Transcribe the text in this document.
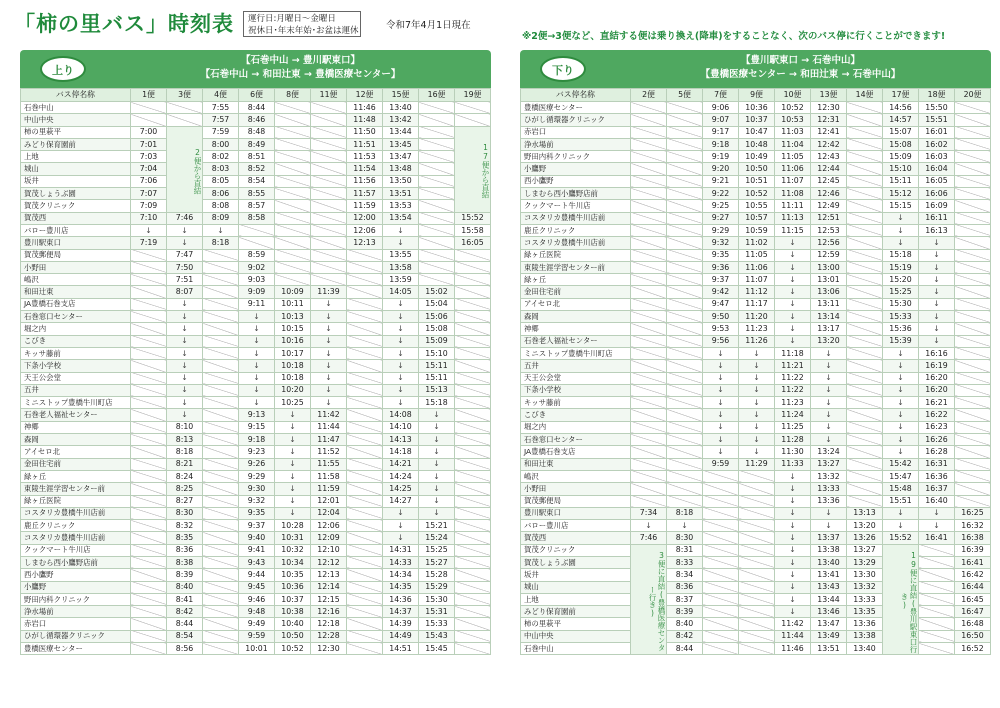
「柿の里バス」時刻表 運行日:月曜日～金曜日
祝休日･年末年始･お盆は運休	令和7年4月1日現在
※2便→3便など、直結する便は乗り換え(降車)をすることなく、次のバス停に行くことができます!
上り
【石巻中山 → 豊川駅東口】
【石巻中山 → 和田辻東 → 豊橋医療センター】
バス停名称	1便	3便	4便	6便	8便	11便	12便	15便	16便	19便
石巻中山			7:55	8:44			11:46	13:40		
中山中央			7:57	8:46			11:48	13:42		
柿の里萩平	7:00	2便から直結	7:59	8:48			11:50	13:44		17便から直結
みどり保育園前	7:01		8:00	8:49			11:51	13:45		
上地	7:03		8:02	8:51			11:53	13:47		
城山	7:04		8:03	8:52			11:54	13:48		
坂井	7:06		8:05	8:54			11:56	13:50		
賀茂しょうぶ園	7:07		8:06	8:55			11:57	13:51		
賀茂クリニック	7:09		8:08	8:57			11:59	13:53		
賀茂西	7:10	7:46	8:09	8:58			12:00	13:54		15:52
バロー豊川店	↓	↓	↓				12:06	↓		15:58
豊川駅東口	7:19	↓	8:18				12:13	↓		16:05
賀茂郵便局		7:47		8:59				13:55		
小野田		7:50		9:02				13:58		
嶋沢		7:51		9:03				13:59		
和田辻東		8:07		9:09	10:09	11:39		14:05	15:02	
JA豊橋石巻支店		↓		9:11	10:11	↓		↓	15:04	
石巻窓口センター		↓		↓	10:13	↓		↓	15:06	
堀之内		↓		↓	10:15	↓		↓	15:08	
こびき		↓		↓	10:16	↓		↓	15:09	
キッサ藤前		↓		↓	10:17	↓		↓	15:10	
下条小学校		↓		↓	10:18	↓		↓	15:11	
天王公会堂		↓		↓	10:18	↓		↓	15:11	
五井		↓		↓	10:20	↓		↓	15:13	
ミニストップ豊橋牛川町店		↓		↓	10:25	↓		↓	15:18	
石巻老人福祉センター		↓		9:13	↓	11:42		14:08	↓	
神郷		8:10		9:15	↓	11:44		14:10	↓	
森岡		8:13		9:18	↓	11:47		14:13	↓	
アイセロ北		8:18		9:23	↓	11:52		14:18	↓	
金田住宅前		8:21		9:26	↓	11:55		14:21	↓	
緑ヶ丘		8:24		9:29	↓	11:58		14:24	↓	
東陵生涯学習センター前		8:25		9:30	↓	11:59		14:25	↓	
緑ヶ丘医院		8:27		9:32	↓	12:01		14:27	↓	
コスタリカ豊橋牛川店前		8:30		9:35	↓	12:04		↓	↓	
鹿丘クリニック		8:32		9:37	10:28	12:06		↓	15:21	
コスタリカ豊橋牛川店前		8:35		9:40	10:31	12:09		↓	15:24	
クックマート牛川店		8:36		9:41	10:32	12:10		14:31	15:25	
しまむら西小鷹野店前		8:38		9:43	10:34	12:12		14:33	15:27	
西小鷹野		8:39		9:44	10:35	12:13		14:34	15:28	
小鷹野		8:40		9:45	10:36	12:14		14:35	15:29	
野田内科クリニック		8:41		9:46	10:37	12:15		14:36	15:30	
浄水場前		8:42		9:48	10:38	12:16		14:37	15:31	
赤岩口		8:44		9:49	10:40	12:18		14:39	15:33	
ひがし循環器クリニック		8:54		9:59	10:50	12:28		14:49	15:43	
豊橋医療センター		8:56		10:01	10:52	12:30		14:51	15:45	
下り
【豊川駅東口 → 石巻中山】
【豊橋医療センター → 和田辻東 → 石巻中山】
バス停名称	2便	5便	7便	9便	10便	13便	14便	17便	18便	20便
豊橋医療センター			9:06	10:36	10:52	12:30		14:56	15:50	
ひがし循環器クリニック			9:07	10:37	10:53	12:31		14:57	15:51	
赤岩口			9:17	10:47	11:03	12:41		15:07	16:01	
浄水場前			9:18	10:48	11:04	12:42		15:08	16:02	
野田内科クリニック			9:19	10:49	11:05	12:43		15:09	16:03	
小鷹野			9:20	10:50	11:06	12:44		15:10	16:04	
西小鷹野			9:21	10:51	11:07	12:45		15:11	16:05	
しまむら西小鷹野店前			9:22	10:52	11:08	12:46		15:12	16:06	
クックマート牛川店			9:25	10:55	11:11	12:49		15:15	16:09	
コスタリカ豊橋牛川店前			9:27	10:57	11:13	12:51		↓	16:11	
鹿丘クリニック			9:29	10:59	11:15	12:53		↓	16:13	
コスタリカ豊橋牛川店前			9:32	11:02	↓	12:56		↓	↓	
緑ヶ丘医院			9:35	11:05	↓	12:59		15:18	↓	
東陵生涯学習センター前			9:36	11:06	↓	13:00		15:19	↓	
緑ヶ丘			9:37	11:07	↓	13:01		15:20	↓	
金田住宅前			9:42	11:12	↓	13:06		15:25	↓	
アイセロ北			9:47	11:17	↓	13:11		15:30	↓	
森岡			9:50	11:20	↓	13:14		15:33	↓	
神郷			9:53	11:23	↓	13:17		15:36	↓	
石巻老人福祉センター			9:56	11:26	↓	13:20		15:39	↓	
ミニストップ豊橋牛川町店			↓	↓	11:18	↓		↓	16:16	
五井			↓	↓	11:21	↓		↓	16:19	
天王公会堂			↓	↓	11:22	↓		↓	16:20	
下条小学校			↓	↓	11:22	↓		↓	16:20	
キッサ藤前			↓	↓	11:23	↓		↓	16:21	
こびき			↓	↓	11:24	↓		↓	16:22	
堀之内			↓	↓	11:25	↓		↓	16:23	
石巻窓口センター			↓	↓	11:28	↓		↓	16:26	
JA豊橋石巻支店			↓	↓	11:30	13:24		↓	16:28	
和田辻東			9:59	11:29	11:33	13:27		15:42	16:31	
嶋沢					↓	13:32		15:47	16:36	
小野田					↓	13:33		15:48	16:37	
賀茂郵便局					↓	13:36		15:51	16:40	
豊川駅東口	7:34	8:18			↓	↓	13:13	↓	↓	16:25
バロー豊川店	↓	↓			↓	↓	13:20	↓	↓	16:32
賀茂西	7:46	8:30			↓	13:37	13:26	15:52	16:41	16:38
賀茂クリニック	3便に直結(豊橋医療センター行き)	8:31			↓	13:38	13:27	19便に直結(豊川駅東口行き)		16:39
賀茂しょうぶ園		8:33			↓	13:40	13:29			16:41
坂井		8:34			↓	13:41	13:30			16:42
城山		8:36			↓	13:43	13:32			16:44
上地		8:37			↓	13:44	13:33			16:45
みどり保育園前		8:39			↓	13:46	13:35			16:47
柿の里萩平		8:40			11:42	13:47	13:36			16:48
中山中央		8:42			11:44	13:49	13:38			16:50
石巻中山		8:44			11:46	13:51	13:40			16:52
